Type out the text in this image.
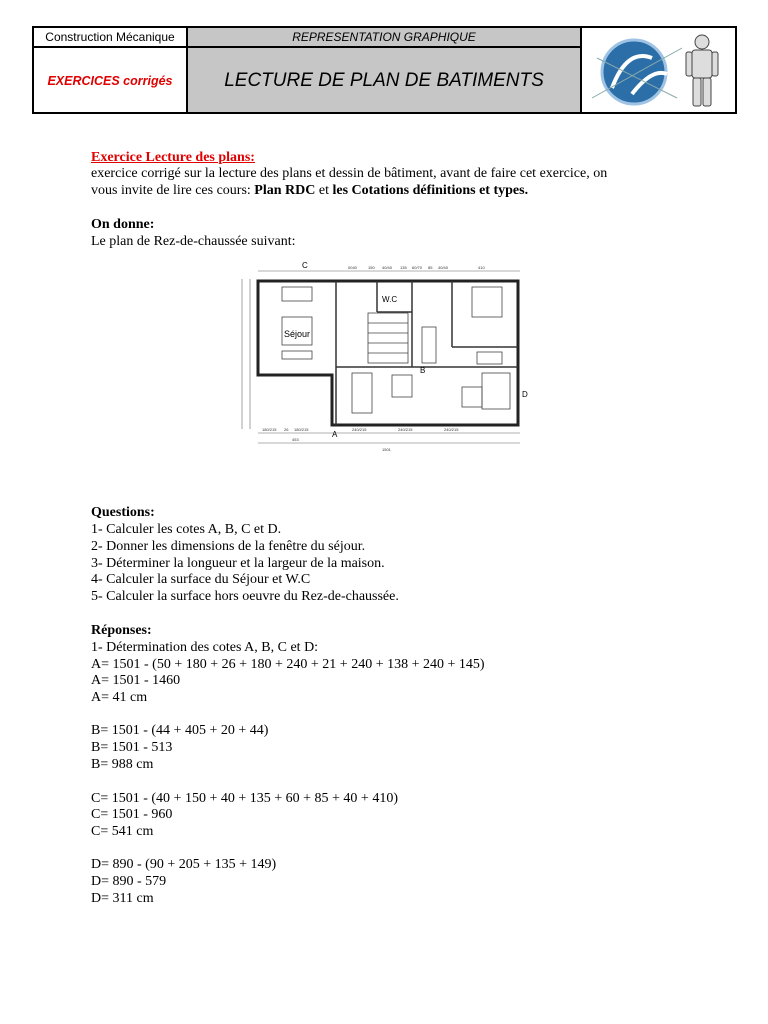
Construction Mécanique
EXERCICES corrigés
REPRESENTATION GRAPHIQUE
LECTURE DE PLAN DE BATIMENTS
Exercice Lecture des plans:
exercice corrigé sur la lecture des plans et dessin de bâtiment, avant de faire cet exercice, on
vous invite de lire ces cours: Plan RDC et les Cotations définitions et types.
On donne:
Le plan de Rez-de-chaussée suivant:
C
Séjour
W.C
B
A
D
0040	150 40/40 135 60/70 85 40/40	410
180/215 26 180/215	240/215	240/215	240/215
453
1501
Questions:
1- Calculer les cotes A, B, C et D.
2- Donner les dimensions de la fenêtre du séjour.
3- Déterminer la longueur et la largeur de la maison.
4- Calculer la surface du Séjour et W.C
5- Calculer la surface hors oeuvre du Rez-de-chaussée.
Réponses:
1- Détermination des cotes A, B, C et D:
A= 1501 - (50 + 180 + 26 + 180 + 240 + 21 + 240 + 138 + 240 + 145)
A= 1501 - 1460
A= 41 cm
B= 1501 - (44 + 405 + 20 + 44)
B= 1501 - 513
B= 988 cm
C= 1501 - (40 + 150 + 40 + 135 + 60 + 85 + 40 + 410)
C= 1501 - 960
C= 541 cm
D= 890 - (90 + 205 + 135 + 149)
D= 890 - 579
D= 311 cm
